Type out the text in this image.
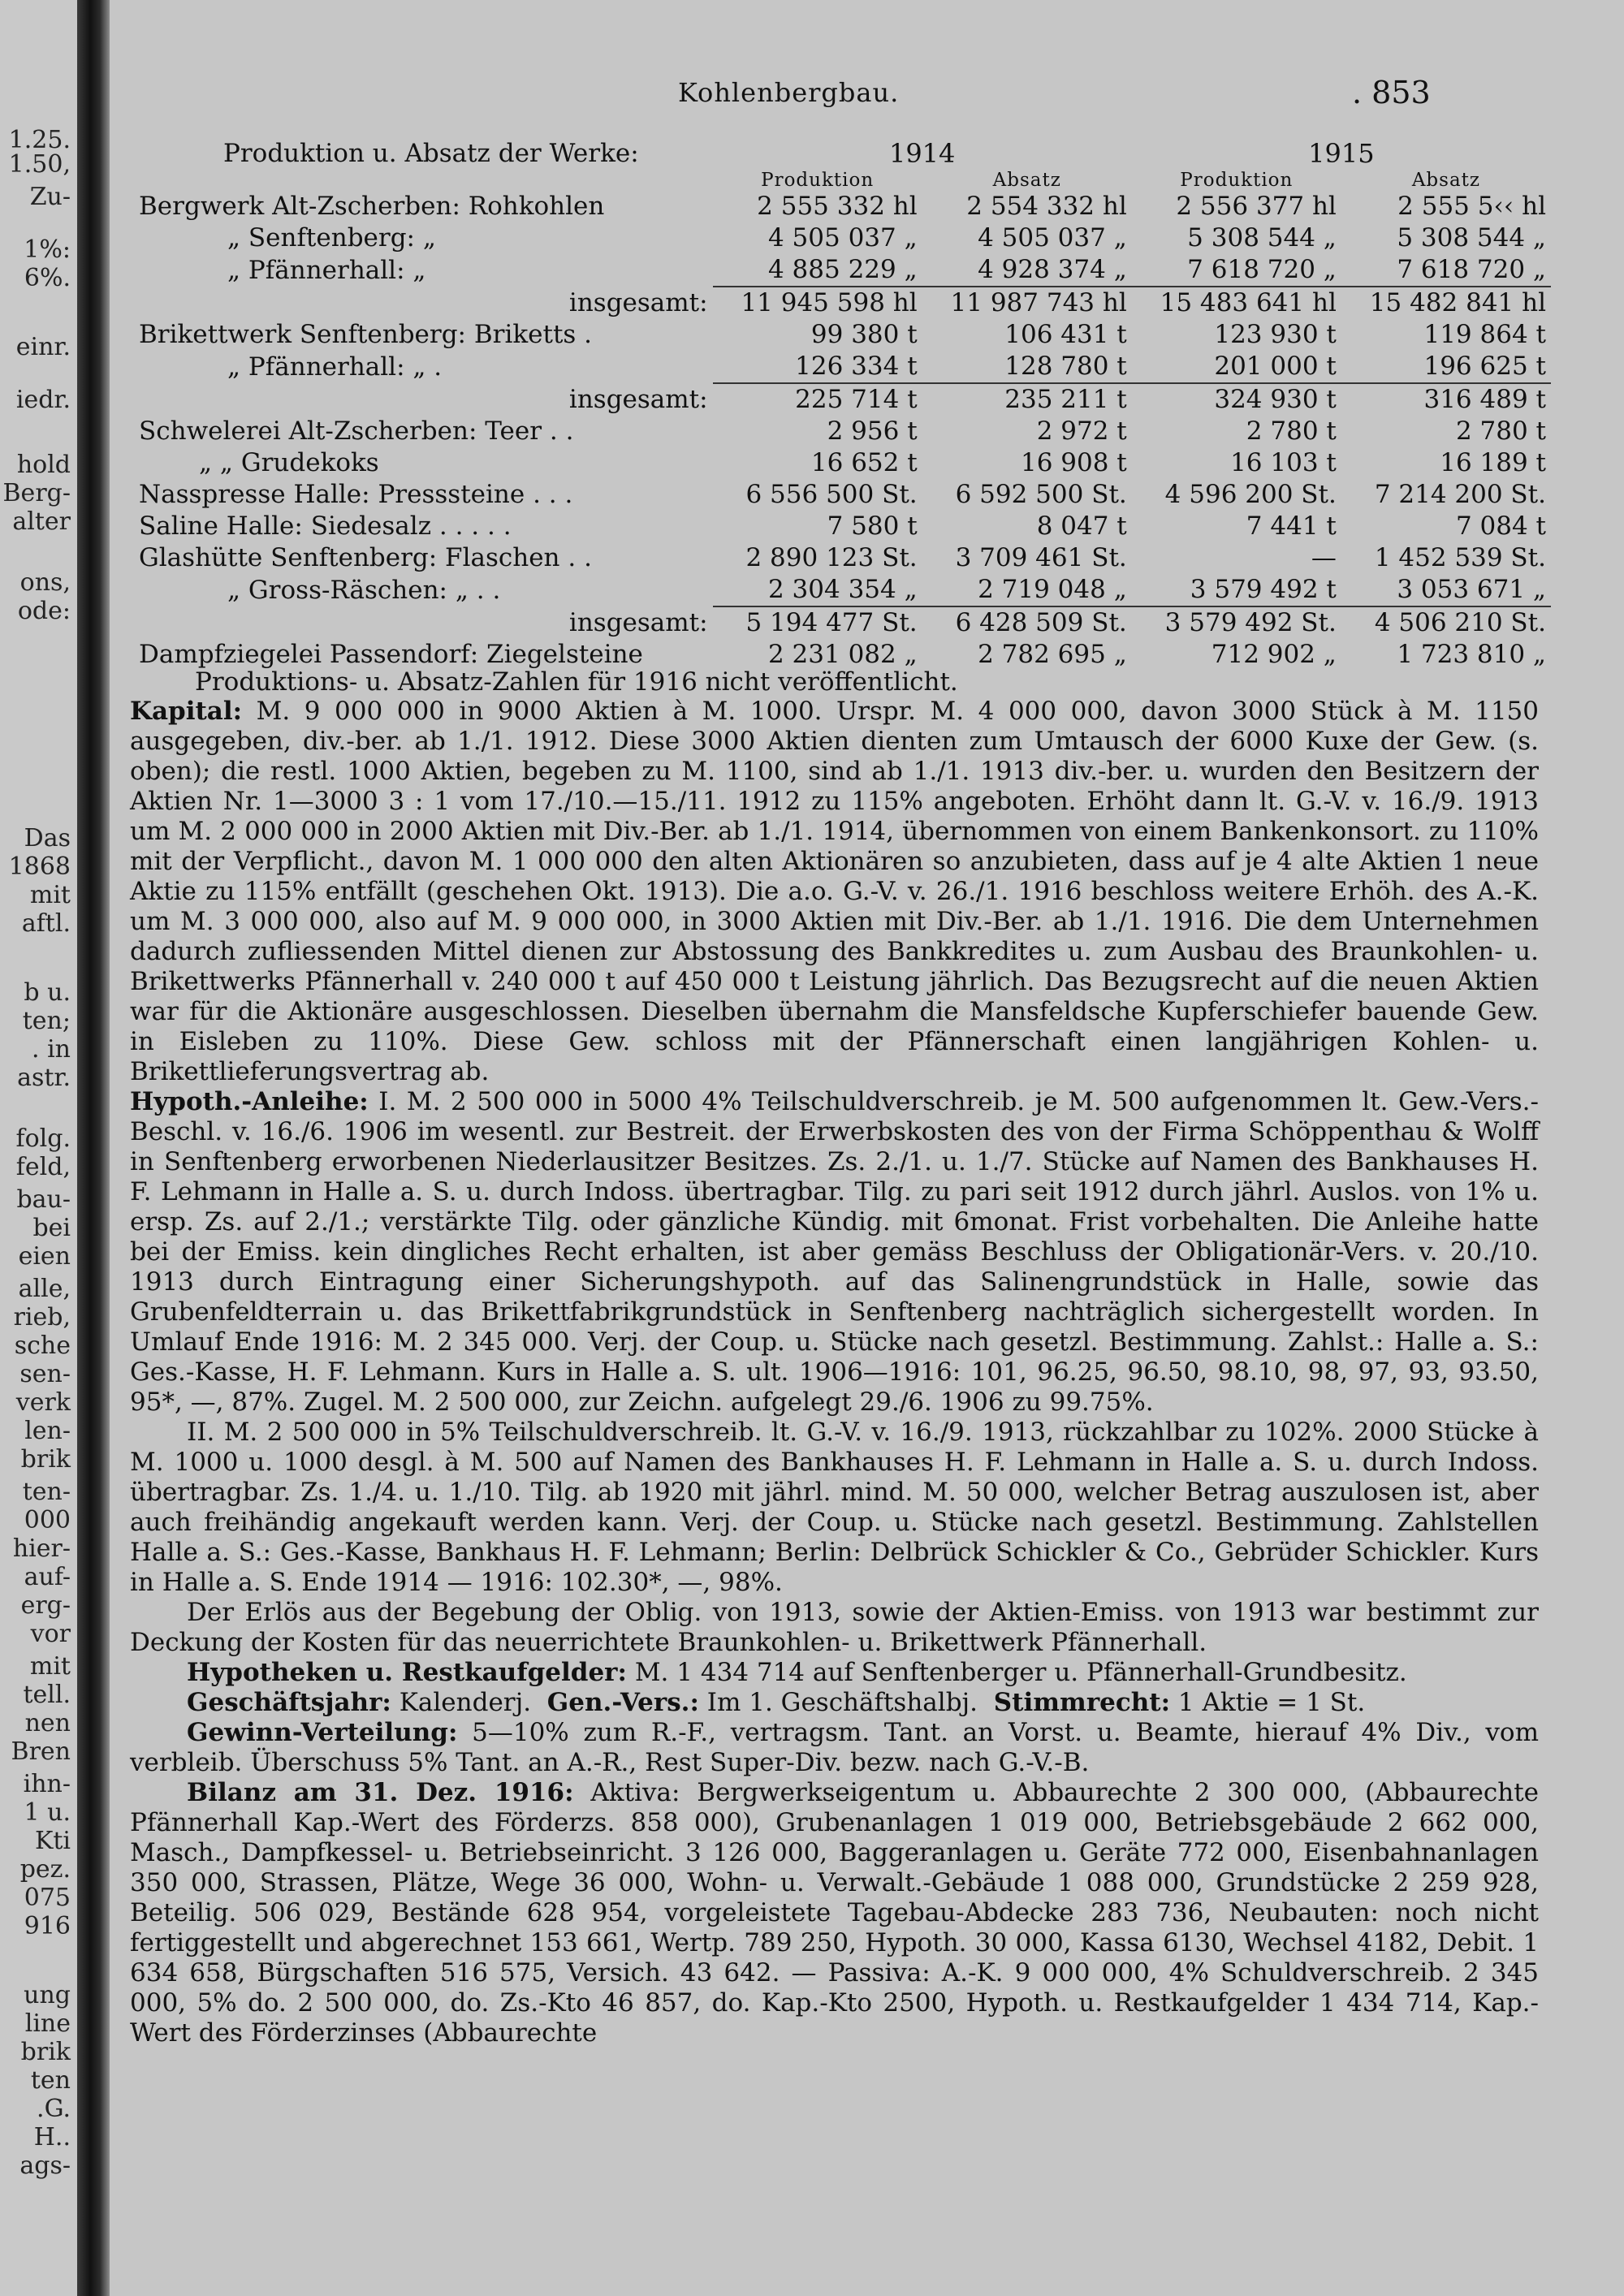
1.25.
1.50,
Zu-
1%:
6%.
einr.
iedr.
hold
Berg-
alter
ons,
ode:
Das
1868
mit
aftl.
b u.
ten;
. in
astr.
folg.
feld,
bau-
bei
eien
alle,
rieb,
sche
sen-
verk
len-
brik
ten-
000
hier-
auf-
erg-
vor
mit
tell.
nen
Bren
ihn-
1 u.
Kti
pez.
075
916
ung
line
brik
ten
.G.
H..
ags-
Kohlenbergbau.	. 853
Produktion u. Absatz der Werke:	1914		1915	
	Produktion	Absatz	Produktion	Absatz
Bergwerk Alt-Zscherben: Rohkohlen	2 555 332 hl	2 554 332 hl	2 556 377 hl	2 555 5‹‹ hl
„ Senftenberg: „	4 505 037 „	4 505 037 „	5 308 544 „	5 308 544 „
„ Pfännerhall: „	4 885 229 „	4 928 374 „	7 618 720 „	7 618 720 „
insgesamt:	11 945 598 hl	11 987 743 hl	15 483 641 hl	15 482 841 hl
Brikettwerk Senftenberg: Briketts .	99 380 t	106 431 t	123 930 t	119 864 t
„ Pfännerhall: „ .	126 334 t	128 780 t	201 000 t	196 625 t
insgesamt:	225 714 t	235 211 t	324 930 t	316 489 t
Schwelerei Alt-Zscherben: Teer . .	2 956 t	2 972 t	2 780 t	2 780 t
„ „ Grudekoks	16 652 t	16 908 t	16 103 t	16 189 t
Nasspresse Halle: Presssteine . . .	6 556 500 St.	6 592 500 St.	4 596 200 St.	7 214 200 St.
Saline Halle: Siedesalz . . . . .	7 580 t	8 047 t	7 441 t	7 084 t
Glashütte Senftenberg: Flaschen . .	2 890 123 St.	3 709 461 St.	—	1 452 539 St.
„ Gross-Räschen: „ . .	2 304 354 „	2 719 048 „	3 579 492 t	3 053 671 „
insgesamt:	5 194 477 St.	6 428 509 St.	3 579 492 St.	4 506 210 St.
Dampfziegelei Passendorf: Ziegelsteine	2 231 082 „	2 782 695 „	712 902 „	1 723 810 „
Produktions- u. Absatz-Zahlen für 1916 nicht veröffentlicht.

Kapital: M. 9 000 000 in 9000 Aktien à M. 1000. Urspr. M. 4 000 000, davon 3000 Stück à M. 1150 ausgegeben, div.-ber. ab 1./1. 1912. Diese 3000 Aktien dienten zum Umtausch der 6000 Kuxe der Gew. (s. oben); die restl. 1000 Aktien, begeben zu M. 1100, sind ab 1./1. 1913 div.-ber. u. wurden den Besitzern der Aktien Nr. 1—3000 3 : 1 vom 17./10.—15./11. 1912 zu 115% angeboten. Erhöht dann lt. G.-V. v. 16./9. 1913 um M. 2 000 000 in 2000 Aktien mit Div.-Ber. ab 1./1. 1914, übernommen von einem Bankenkonsort. zu 110% mit der Verpflicht., davon M. 1 000 000 den alten Aktionären so anzubieten, dass auf je 4 alte Aktien 1 neue Aktie zu 115% entfällt (geschehen Okt. 1913). Die a.o. G.-V. v. 26./1. 1916 beschloss weitere Erhöh. des A.-K. um M. 3 000 000, also auf M. 9 000 000, in 3000 Aktien mit Div.-Ber. ab 1./1. 1916. Die dem Unternehmen dadurch zufliessenden Mittel dienen zur Abstossung des Bankkredites u. zum Ausbau des Braunkohlen- u. Brikettwerks Pfännerhall v. 240 000 t auf 450 000 t Leistung jährlich. Das Bezugsrecht auf die neuen Aktien war für die Aktionäre ausgeschlossen. Dieselben übernahm die Mansfeldsche Kupferschiefer bauende Gew. in Eisleben zu 110%. Diese Gew. schloss mit der Pfännerschaft einen langjährigen Kohlen- u. Brikettlieferungsvertrag ab.

Hypoth.-Anleihe: I. M. 2 500 000 in 5000 4% Teilschuldverschreib. je M. 500 aufgenommen lt. Gew.-Vers.-Beschl. v. 16./6. 1906 im wesentl. zur Bestreit. der Erwerbskosten des von der Firma Schöppenthau & Wolff in Senftenberg erworbenen Niederlausitzer Besitzes. Zs. 2./1. u. 1./7. Stücke auf Namen des Bankhauses H. F. Lehmann in Halle a. S. u. durch Indoss. übertragbar. Tilg. zu pari seit 1912 durch jährl. Auslos. von 1% u. ersp. Zs. auf 2./1.; verstärkte Tilg. oder gänzliche Kündig. mit 6monat. Frist vorbehalten. Die Anleihe hatte bei der Emiss. kein dingliches Recht erhalten, ist aber gemäss Beschluss der Obligationär-Vers. v. 20./10. 1913 durch Eintragung einer Sicherungshypoth. auf das Salinengrundstück in Halle, sowie das Grubenfeldterrain u. das Brikettfabrikgrundstück in Senftenberg nachträglich sichergestellt worden. In Umlauf Ende 1916: M. 2 345 000. Verj. der Coup. u. Stücke nach gesetzl. Bestimmung. Zahlst.: Halle a. S.: Ges.-Kasse, H. F. Lehmann. Kurs in Halle a. S. ult. 1906—1916: 101, 96.25, 96.50, 98.10, 98, 97, 93, 93.50, 95*, —, 87%. Zugel. M. 2 500 000, zur Zeichn. aufgelegt 29./6. 1906 zu 99.75%.

II. M. 2 500 000 in 5% Teilschuldverschreib. lt. G.-V. v. 16./9. 1913, rückzahlbar zu 102%. 2000 Stücke à M. 1000 u. 1000 desgl. à M. 500 auf Namen des Bankhauses H. F. Lehmann in Halle a. S. u. durch Indoss. übertragbar. Zs. 1./4. u. 1./10. Tilg. ab 1920 mit jährl. mind. M. 50 000, welcher Betrag auszulosen ist, aber auch freihändig angekauft werden kann. Verj. der Coup. u. Stücke nach gesetzl. Bestimmung. Zahlstellen Halle a. S.: Ges.-Kasse, Bankhaus H. F. Lehmann; Berlin: Delbrück Schickler & Co., Gebrüder Schickler. Kurs in Halle a. S. Ende 1914 — 1916: 102.30*, —, 98%.

Der Erlös aus der Begebung der Oblig. von 1913, sowie der Aktien-Emiss. von 1913 war bestimmt zur Deckung der Kosten für das neuerrichtete Braunkohlen- u. Brikettwerk Pfännerhall.

Hypotheken u. Restkaufgelder: M. 1 434 714 auf Senftenberger u. Pfännerhall-Grundbesitz.

Geschäftsjahr: Kalenderj. Gen.-Vers.: Im 1. Geschäftshalbj. Stimmrecht: 1 Aktie = 1 St.

Gewinn-Verteilung: 5—10% zum R.-F., vertragsm. Tant. an Vorst. u. Beamte, hierauf 4% Div., vom verbleib. Überschuss 5% Tant. an A.-R., Rest Super-Div. bezw. nach G.-V.-B.

Bilanz am 31. Dez. 1916: Aktiva: Bergwerkseigentum u. Abbaurechte 2 300 000, (Abbaurechte Pfännerhall Kap.-Wert des Förderzs. 858 000), Grubenanlagen 1 019 000, Betriebsgebäude 2 662 000, Masch., Dampfkessel- u. Betriebseinricht. 3 126 000, Baggeranlagen u. Geräte 772 000, Eisenbahnanlagen 350 000, Strassen, Plätze, Wege 36 000, Wohn- u. Verwalt.-Gebäude 1 088 000, Grundstücke 2 259 928, Beteilig. 506 029, Bestände 628 954, vorgeleistete Tagebau-Abdecke 283 736, Neubauten: noch nicht fertiggestellt und abgerechnet 153 661, Wertp. 789 250, Hypoth. 30 000, Kassa 6130, Wechsel 4182, Debit. 1 634 658, Bürgschaften 516 575, Versich. 43 642. — Passiva: A.-K. 9 000 000, 4% Schuldverschreib. 2 345 000, 5% do. 2 500 000, do. Zs.-Kto 46 857, do. Kap.-Kto 2500, Hypoth. u. Restkaufgelder 1 434 714, Kap.-Wert des Förderzinses (Abbaurechte
